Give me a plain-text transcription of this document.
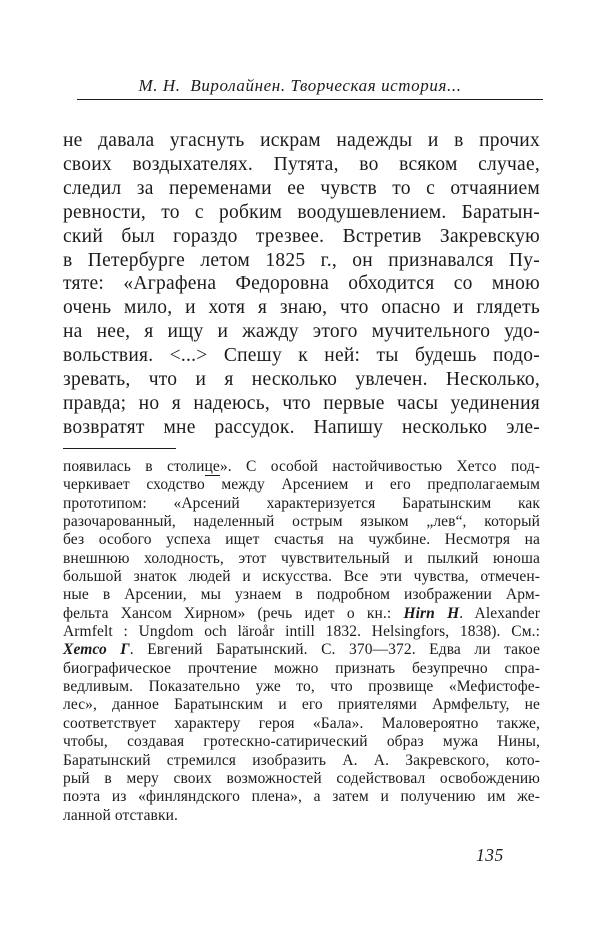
М. Н.  Виролайнен. Творческая история...
не давала угаснуть искрам надежды и в прочих
своих воздыхателях. Путята, во всяком случае,
следил за переменами ее чувств то с отчаянием
ревности, то с робким воодушевлением. Баратын-
ский был гораздо трезвее. Встретив Закревскую
в Петербурге летом 1825 г., он признавался Пу-
тяте: «Аграфена Федоровна обходится со мною
очень мило, и хотя я знаю, что опасно и глядеть
на нее, я ищу и жажду этого мучительного удо-
вольствия. <...> Спешу к ней: ты будешь подо-
зревать, что и я несколько увлечен. Несколько,
правда; но я надеюсь, что первые часы уединения
возвратят мне рассудок. Напишу несколько эле-
появилась в столице». С особой настойчивостью Хетсо под-
черкивает сходство между Арсением и его предполагаемым
прототипом: «Арсений характеризуется Баратынским как
разочарованный, наделенный острым языком „лев“, который
без особого успеха ищет счастья на чужбине. Несмотря на
внешнюю холодность, этот чувствительный и пылкий юноша
большой знаток людей и искусства. Все эти чувства, отмечен-
ные в Арсении, мы узнаем в подробном изображении Арм-
фельта Хансом Хирном» (речь идет о кн.: Hirn H. Alexander
Armfelt : Ungdom och läroår intill 1832. Helsingfors, 1838). См.:
Хетсо Г. Евгений Баратынский. С. 370—372. Едва ли такое
биографическое прочтение можно признать безупречно спра-
ведливым. Показательно уже то, что прозвище «Мефистофе-
лес», данное Баратынским и его приятелями Армфельту, не
соответствует характеру героя «Бала». Маловероятно также,
чтобы, создавая гротескно-сатирический образ мужа Нины,
Баратынский стремился изобразить А. А. Закревского, кото-
рый в меру своих возможностей содействовал освобождению
поэта из «финляндского плена», а затем и получению им же-
ланной отставки.
135
